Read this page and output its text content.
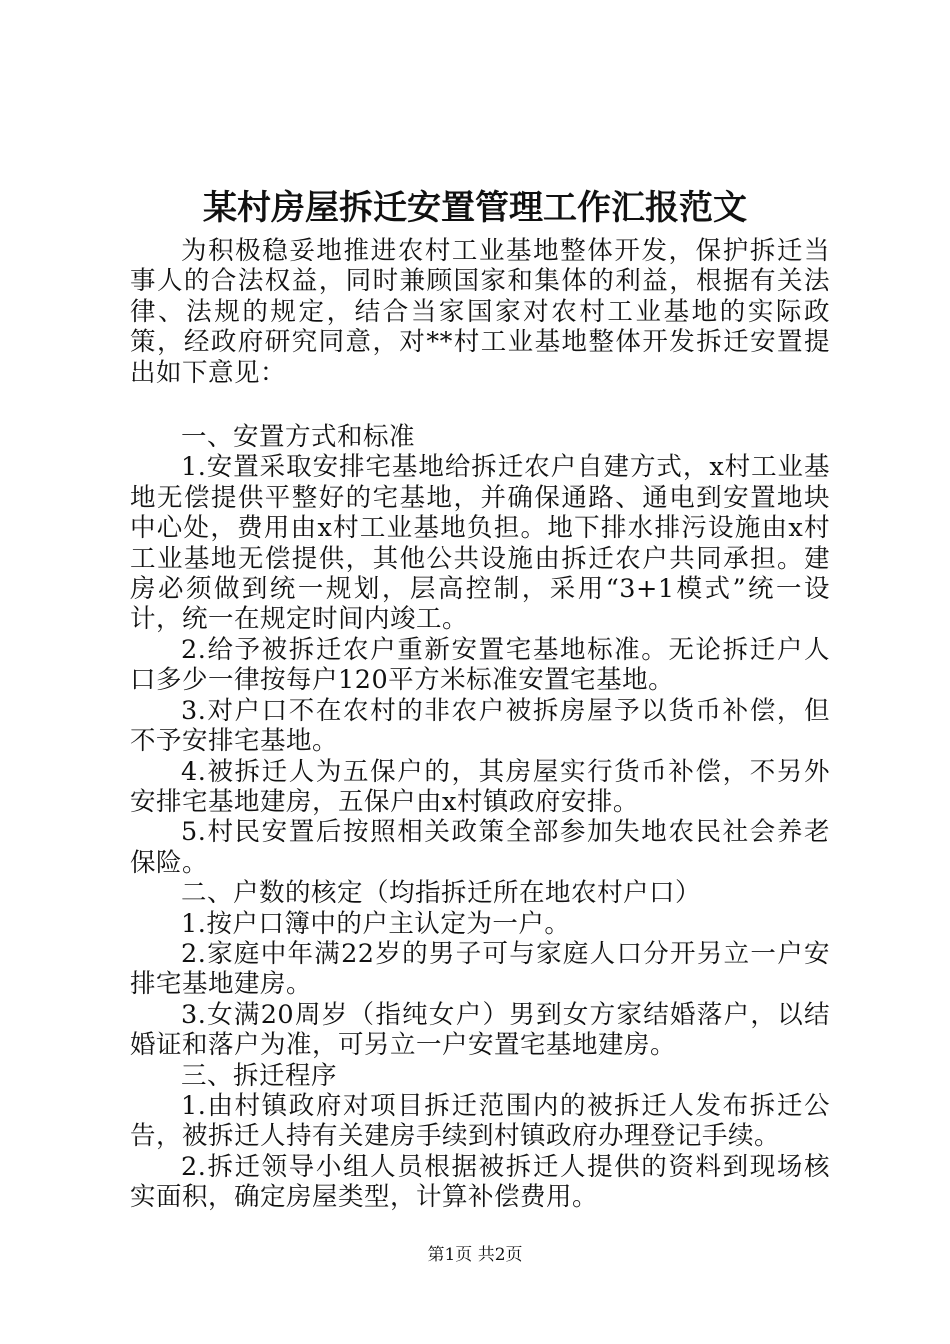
某村房屋拆迁安置管理工作汇报范文

为积极稳妥地推进农村工业基地整体开发，保护拆迁当事人的合法权益，同时兼顾国家和集体的利益，根据有关法律、法规的规定，结合当家国家对农村工业基地的实际政策，经政府研究同意，对**村工业基地整体开发拆迁安置提出如下意见：

一、安置方式和标准

1.安置采取安排宅基地给拆迁农户自建方式，x村工业基地无偿提供平整好的宅基地，并确保通路、通电到安置地块中心处，费用由x村工业基地负担。地下排水排污设施由x村工业基地无偿提供，其他公共设施由拆迁农户共同承担。建房必须做到统一规划，层高控制，采用“3+1模式”统一设计，统一在规定时间内竣工。

2.给予被拆迁农户重新安置宅基地标准。无论拆迁户人口多少一律按每户120平方米标准安置宅基地。

3.对户口不在农村的非农户被拆房屋予以货币补偿，但不予安排宅基地。

4.被拆迁人为五保户的，其房屋实行货币补偿，不另外安排宅基地建房，五保户由x村镇政府安排。

5.村民安置后按照相关政策全部参加失地农民社会养老保险。

二、户数的核定（均指拆迁所在地农村户口）

1.按户口簿中的户主认定为一户。

2.家庭中年满22岁的男子可与家庭人口分开另立一户安排宅基地建房。

3.女满20周岁（指纯女户）男到女方家结婚落户，以结婚证和落户为准，可另立一户安置宅基地建房。

三、拆迁程序

1.由村镇政府对项目拆迁范围内的被拆迁人发布拆迁公告，被拆迁人持有关建房手续到村镇政府办理登记手续。

2.拆迁领导小组人员根据被拆迁人提供的资料到现场核实面积，确定房屋类型，计算补偿费用。

第1页 共2页
